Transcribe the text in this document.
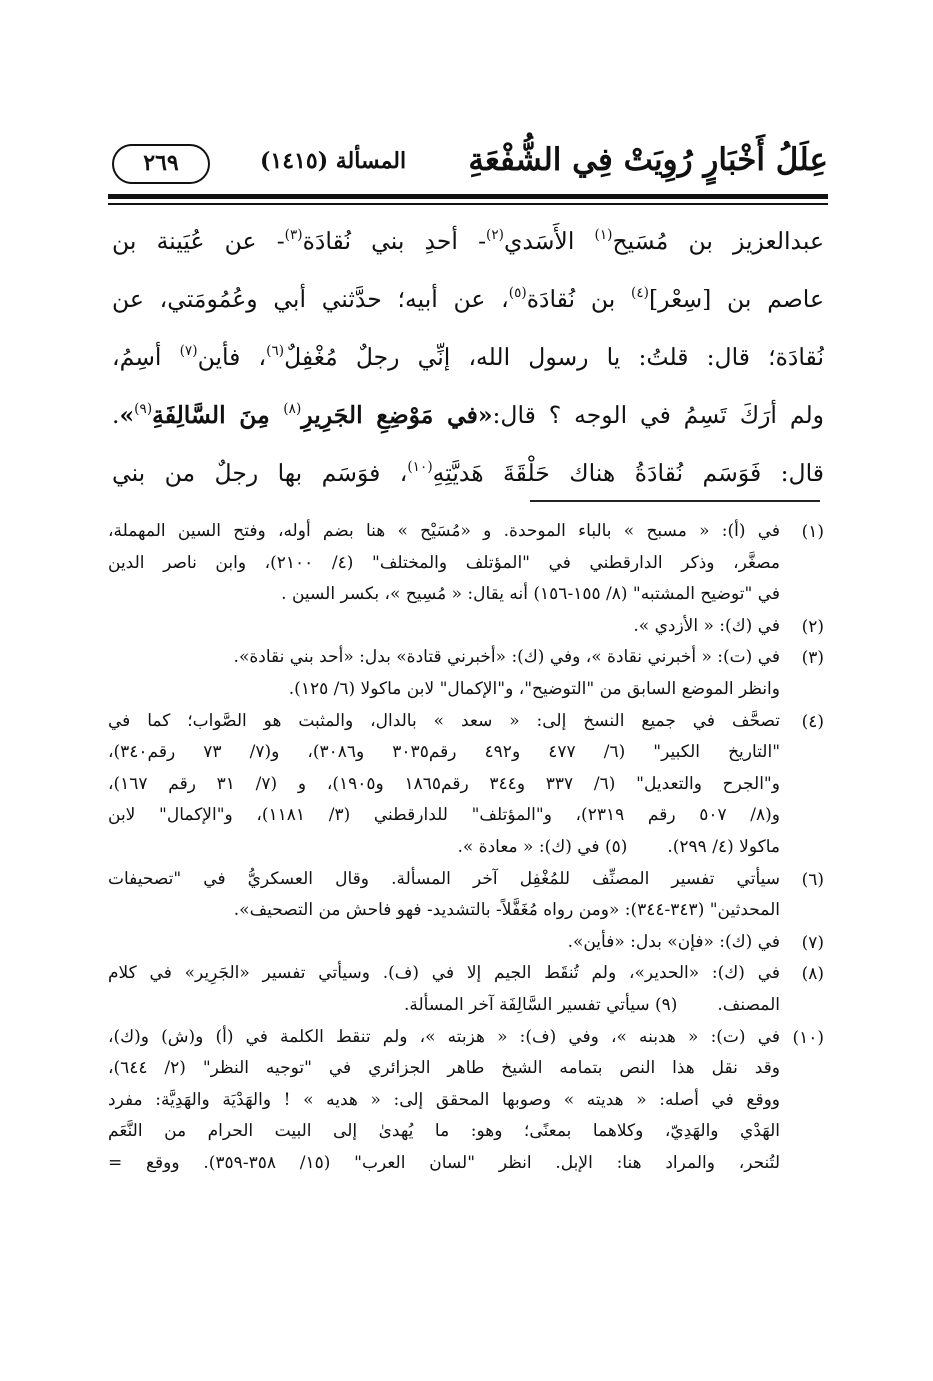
عِلَلُ أَخْبَارٍ رُوِيَتْ فِي الشُّفْعَةِ
المسألة (١٤١٥)
٢٦٩
عبدالعزيز بن مُسَيح$^{(١)}$ الأَسَدي$^{(٢)}$- أحدِ بني نُقادَة$^{(٣)}$- عن عُيَينة بن
عاصم بن [سِعْر]$^{(٤)}$ بن نُقادَة$^{(٥)}$، عن أبيه؛ حدَّثني أبي وعُمُومَتي، عن
نُقادَة؛ قال: قلتُ: يا رسول الله، إنِّي رجلٌ مُغْفِلٌ$^{(٦)}$، فأين$^{(٧)}$ أسِمُ،
ولم أرَكَ تَسِمُ في الوجه ؟ قال:«في مَوْضِعِ الجَرِيرِ$^{(٨)}$ مِنَ السَّالِفَةِ$^{(٩)}$».
قال: فَوَسَم نُقادَةُ هناك حَلْقَةَ هَديَّتِهِ$^{(١٠)}$، فوَسَم بها رجلٌ من بني
(١)
في (أ): « مسبح » بالباء الموحدة. و «مُسَيْح » هنا بضم أوله، وفتح السين المهملة،
مصغَّر، وذكر الدارقطني في "المؤتلف والمختلف" (٤/ ٢١٠٠)، وابن ناصر الدين
في "توضيح المشتبه" (٨/ ١٥٥-١٥٦) أنه يقال: « مُسِيح »، بكسر السين .
(٢)
في (ك): « الأزدي ».
(٣)
في (ت): « أخبرني نقادة »، وفي (ك): «أخبرني قتادة» بدل: «أحد بني نقادة».
وانظر الموضع السابق من "التوضيح"، و"الإكمال" لابن ماكولا (٦/ ١٢٥).
(٤)
تصحَّف في جميع النسخ إلى: « سعد » بالدال، والمثبت هو الصَّواب؛ كما في
"التاريخ الكبير" (٦/ ٤٧٧ و٤٩٢ رقم٣٠٣٥ و٣٠٨٦)، و(٧/ ٧٣ رقم٣٤٠)،
و"الجرح والتعديل" (٦/ ٣٣٧ و٣٤٤ رقم١٨٦٥ و١٩٠٥)، و (٧/ ٣١ رقم ١٦٧)،
و(٨/ ٥٠٧ رقم ٢٣١٩)، و"المؤتلف" للدارقطني (٣/ ١١٨١)، و"الإكمال" لابن
ماكولا (٤/ ٢٩٩).(٥) في (ك): « معادة ».
(٦)
سيأتي تفسير المصنِّف للمُغْفِل آخر المسألة. وقال العسكريُّ في "تصحيفات
المحدثين" (٣٤٣-٣٤٤): «ومن رواه مُغَفَّلاً- بالتشديد- فهو فاحش من التصحيف».
(٧)
في (ك): «فإن» بدل: «فأين».
(٨)
في (ك): «الحدير»، ولم تُنقَط الجيم إلا في (ف). وسيأتي تفسير «الجَرِير» في كلام
المصنف.(٩) سيأتي تفسير السَّالِفَة آخر المسألة.
(١٠)
في (ت): « هدبنه »، وفي (ف): « هزبته »، ولم تنقط الكلمة في (أ) و(ش) و(ك)،
وقد نقل هذا النص بتمامه الشيخ طاهر الجزائري في "توجيه النظر" (٢/ ٦٤٤)،
ووقع في أصله: « هديته » وصوبها المحقق إلى: « هديه » ! والهَدْيَة والهَدِيَّة: مفرد
الهَدْي والهَدِيّ، وكلاهما بمعنًى؛ وهو: ما يُهدىٰ إلى البيت الحرام من النَّعَم
لتُنحر، والمراد هنا: الإبل. انظر "لسان العرب" (١٥/ ٣٥٨-٣٥٩). ووقع =
